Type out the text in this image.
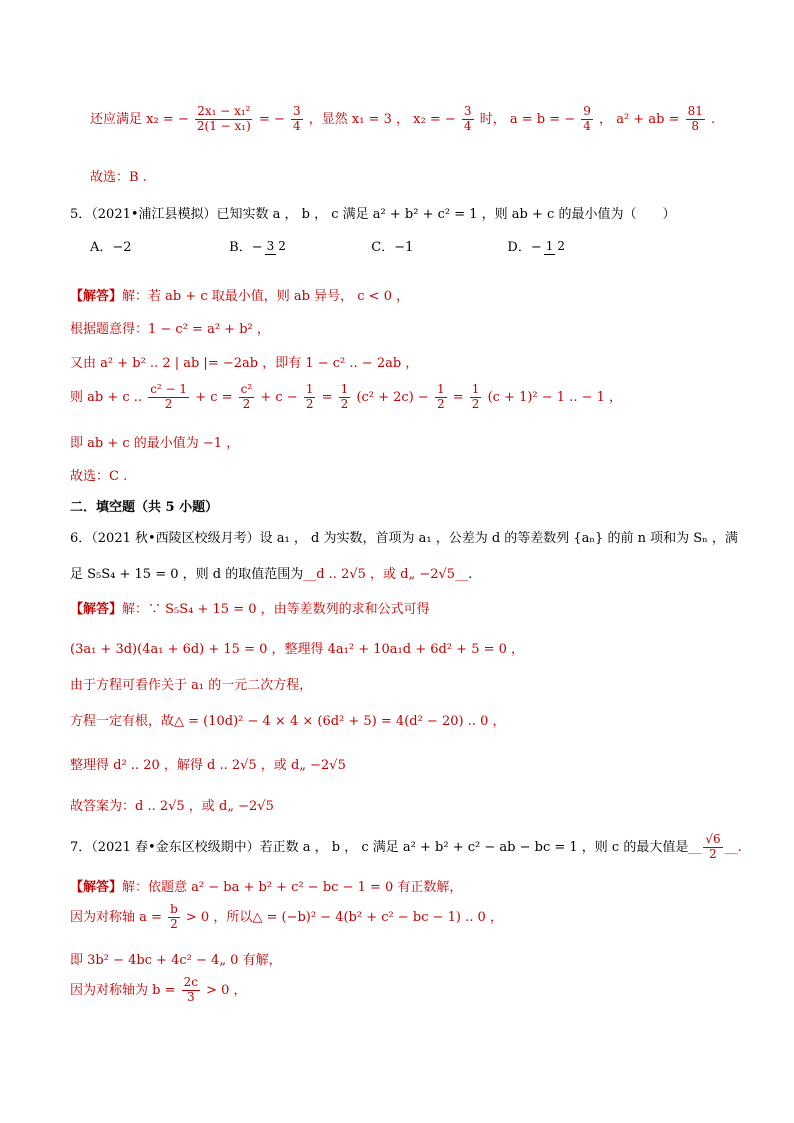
还应满足 x₂ = − $\frac{\text{2x₁ − x₁²}}{\text{2(1 − x₁)}}$ = − $\frac{3}{4}$ ，显然 x₁ = 3 ， x₂ = − $\frac{3}{4}$ 时， a = b = − $\frac{9}{4}$ ， a² + ab = $\frac{81}{8}$ .
故选：B .
5．（2021•浦江县模拟）已知实数 a ， b ， c 满足 a² + b² + c² = 1 ，则 ab + c 的最小值为（　　）
A．−2	B．− 3 2	C．−1	D．− 1 2
【解答】解：若 ab + c 取最小值，则 ab 异号， c < 0 ，
根据题意得：1 − c² = a² + b² ，
又由 a² + b² .. 2 | ab |= −2ab ，即有 1 − c² .. − 2ab ，
则 ab + c .. $\frac{\text{c² − 1}}{2} + c = \frac{\text{c²}}{2} + c - \frac{1}{2} = \frac{1}{2} (c^2 + 2c) - \frac{1}{2} = \frac{1}{2} (c + 1)^2 - 1$ .. − 1 ，
即 ab + c 的最小值为 −1 ，
故选：C .
二．填空题（共 5 小题）
6．（2021 秋•西陵区校级月考）设 a₁ ， d 为实数，首项为 a₁ ，公差为 d 的等差数列 {aₙ} 的前 n 项和为 Sₙ ，满
足 S₅S₄ + 15 = 0 ，则 d 的取值范围为__d .. 2√5 ，或 d„ −2√5__.
【解答】解：∵ S₅S₄ + 15 = 0 ，由等差数列的求和公式可得
(3a₁ + 3d)(4a₁ + 6d) + 15 = 0 ，整理得 4a₁² + 10a₁d + 6d² + 5 = 0 ，
由于方程可看作关于 a₁ 的一元二次方程，
方程一定有根，故△ = (10d)² − 4 × 4 × (6d² + 5) = 4(d² − 20) .. 0 ，
整理得 d² .. 20 ，解得 d .. 2√5 ，或 d„ −2√5
故答案为：d .. 2√5 ，或 d„ −2√5
7．（2021 春•金东区校级期中）若正数 a ， b ， c 满足 a² + b² + c² − ab − bc = 1 ，则 c 的最大值是__ $\frac{√6}{2}$ __.
【解答】解：依题意 a² − ba + b² + c² − bc − 1 = 0 有正数解，
因为对称轴 $a = \frac{b}{2} > 0$ ，所以△ = (−b)² − 4(b² + c² − bc − 1) .. 0 ，
即 3b² − 4bc + 4c² − 4„ 0 有解，
因为对称轴为 $b = \frac{2c}{3} > 0$ ，
